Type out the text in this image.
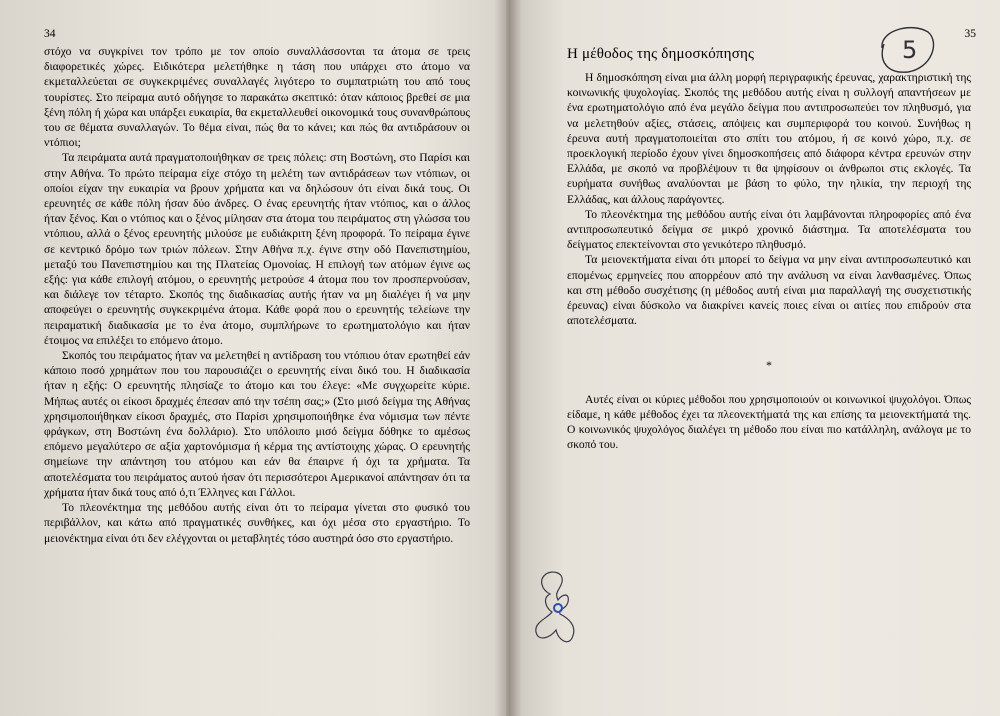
34	35

στόχο να συγκρίνει τον τρόπο με τον οποίο συναλλάσσονται τα άτομα σε τρεις διαφορετικές χώρες. Ειδικότερα μελετήθηκε η τάση που υπάρχει στο άτομο να εκμεταλλεύεται σε συγκεκριμένες συναλλαγές λιγότερο το συμπατριώτη του από τους τουρίστες. Στο πείραμα αυτό οδήγησε το παρακάτω σκεπτικό: όταν κάποιος βρεθεί σε μια ξένη πόλη ή χώρα και υπάρξει ευκαιρία, θα εκμεταλλευθεί οικονομικά τους συνανθρώπους του σε θέματα συναλλαγών. Το θέμα είναι, πώς θα το κάνει; και πώς θα αντιδράσουν οι ντόπιοι;

Τα πειράματα αυτά πραγματοποιήθηκαν σε τρεις πόλεις: στη Βοστώνη, στο Παρίσι και στην Αθήνα. Το πρώτο πείραμα είχε στόχο τη μελέτη των αντιδράσεων των ντόπιων, οι οποίοι είχαν την ευκαιρία να βρουν χρήματα και να δηλώσουν ότι είναι δικά τους. Οι ερευνητές σε κάθε πόλη ήσαν δύο άνδρες. Ο ένας ερευνητής ήταν ντόπιος, και ο άλλος ήταν ξένος. Και ο ντόπιος και ο ξένος μίλησαν στα άτομα του πειράματος στη γλώσσα του ντόπιου, αλλά ο ξένος ερευνητής μιλούσε με ευδιάκριτη ξένη προφορά. Το πείραμα έγινε σε κεντρικό δρόμο των τριών πόλεων. Στην Αθήνα π.χ. έγινε στην οδό Πανεπιστημίου, μεταξύ του Πανεπιστημίου και της Πλατείας Ομονοίας. Η επιλογή των ατόμων έγινε ως εξής: για κάθε επιλογή ατόμου, ο ερευνητής μετρούσε 4 άτομα που τον προσπερνούσαν, και διάλεγε τον τέταρτο. Σκοπός της διαδικασίας αυτής ήταν να μη διαλέγει ή να μην αποφεύγει ο ερευνητής συγκεκριμένα άτομα. Κάθε φορά που ο ερευνητής τελείωνε την πειραματική διαδικασία με το ένα άτομο, συμπλήρωνε το ερωτηματολόγιο και ήταν έτοιμος να επιλέξει το επόμενο άτομο.

Σκοπός του πειράματος ήταν να μελετηθεί η αντίδραση του ντόπιου όταν ερωτηθεί εάν κάποιο ποσό χρημάτων που του παρουσιάζει ο ερευνητής είναι δικό του. Η διαδικασία ήταν η εξής: Ο ερευνητής πλησίαζε το άτομο και του έλεγε: «Με συγχωρείτε κύριε. Μήπως αυτές οι είκοσι δραχμές έπεσαν από την τσέπη σας;» (Στο μισό δείγμα της Αθήνας χρησιμοποιήθηκαν είκοσι δραχμές, στο Παρίσι χρησιμοποιήθηκε ένα νόμισμα των πέντε φράγκων, στη Βοστώνη ένα δολλάριο). Στο υπόλοιπο μισό δείγμα δόθηκε το αμέσως επόμενο μεγαλύτερο σε αξία χαρτονόμισμα ή κέρμα της αντίστοιχης χώρας. Ο ερευνητής σημείωνε την απάντηση του ατόμου και εάν θα έπαιρνε ή όχι τα χρήματα. Τα αποτελέσματα του πειράματος αυτού ήσαν ότι περισσότεροι Αμερικανοί απάντησαν ότι τα χρήματα ήταν δικά τους από ό,τι Έλληνες και Γάλλοι.

Το πλεονέκτημα της μεθόδου αυτής είναι ότι το πείραμα γίνεται στο φυσικό του περιβάλλον, και κάτω από πραγματικές συνθήκες, και όχι μέσα στο εργαστήριο. Το μειονέκτημα είναι ότι δεν ελέγχονται οι μεταβλητές τόσο αυστηρά όσο στο εργαστήριο.

Η μέθοδος της δημοσκόπησης	5

Η δημοσκόπηση είναι μια άλλη μορφή περιγραφικής έρευνας, χαρακτηριστική της κοινωνικής ψυχολογίας. Σκοπός της μεθόδου αυτής είναι η συλλογή απαντήσεων με ένα ερωτηματολόγιο από ένα μεγάλο δείγμα που αντιπροσωπεύει τον πληθυσμό, για να μελετηθούν αξίες, στάσεις, απόψεις και συμπεριφορά του κοινού. Συνήθως η έρευνα αυτή πραγματοποιείται στο σπίτι του ατόμου, ή σε κοινό χώρο, π.χ. σε προεκλογική περίοδο έχουν γίνει δημοσκοπήσεις από διάφορα κέντρα ερευνών στην Ελλάδα, με σκοπό να προβλέψουν τι θα ψηφίσουν οι άνθρωποι στις εκλογές. Τα ευρήματα συνήθως αναλύονται με βάση το φύλο, την ηλικία, την περιοχή της Ελλάδας, και άλλους παράγοντες.

Το πλεονέκτημα της μεθόδου αυτής είναι ότι λαμβάνονται πληροφορίες από ένα αντιπροσωπευτικό δείγμα σε μικρό χρονικό διάστημα. Τα αποτελέσματα του δείγματος επεκτείνονται στο γενικότερο πληθυσμό.

Τα μειονεκτήματα είναι ότι μπορεί το δείγμα να μην είναι αντιπροσωπευτικό και επομένως ερμηνείες που απορρέουν από την ανάλυση να είναι λανθασμένες. Όπως και στη μέθοδο συσχέτισης (η μέθοδος αυτή είναι μια παραλλαγή της συσχετιστικής έρευνας) είναι δύσκολο να διακρίνει κανείς ποιες είναι οι αιτίες που επιδρούν στα αποτελέσματα.

*

Αυτές είναι οι κύριες μέθοδοι που χρησιμοποιούν οι κοινωνικοί ψυχολόγοι. Όπως είδαμε, η κάθε μέθοδος έχει τα πλεονεκτήματά της και επίσης τα μειονεκτήματά της. Ο κοινωνικός ψυχολόγος διαλέγει τη μέθοδο που είναι πιο κατάλληλη, ανάλογα με το σκοπό του.
